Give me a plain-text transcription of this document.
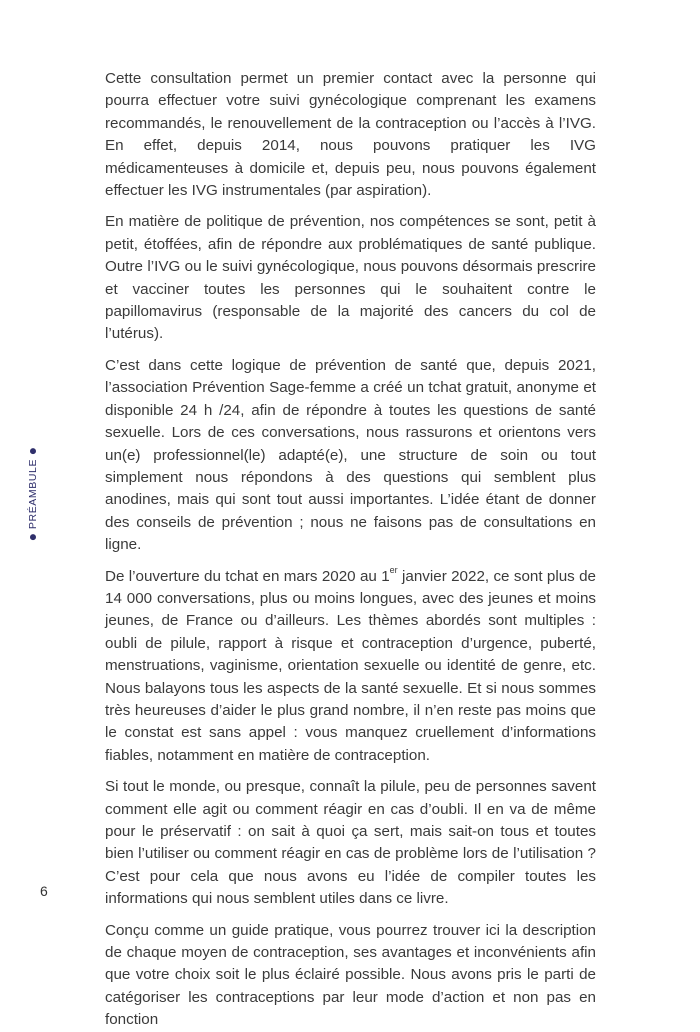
PRÉAMBULE

Cette consultation permet un premier contact avec la personne qui pourra effectuer votre suivi gynécologique comprenant les examens recommandés, le renouvellement de la contraception ou l’accès à l’IVG. En effet, depuis 2014, nous pouvons pratiquer les IVG médicamenteuses à domicile et, depuis peu, nous pouvons également effectuer les IVG instrumentales (par aspiration).

En matière de politique de prévention, nos compétences se sont, petit à petit, étoffées, afin de répondre aux problématiques de santé publique. Outre l’IVG ou le suivi gynécologique, nous pouvons désormais prescrire et vacciner toutes les personnes qui le souhaitent contre le papillomavirus (responsable de la majorité des cancers du col de l’utérus).

C’est dans cette logique de prévention de santé que, depuis 2021, l’association Prévention Sage-femme a créé un tchat gratuit, anonyme et disponible 24 h /24, afin de répondre à toutes les questions de santé sexuelle. Lors de ces conversations, nous rassurons et orientons vers un(e) professionnel(le) adapté(e), une structure de soin ou tout simplement nous répondons à des questions qui semblent plus anodines, mais qui sont tout aussi importantes. L’idée étant de donner des conseils de prévention ; nous ne faisons pas de consultations en ligne.

De l’ouverture du tchat en mars 2020 au 1er janvier 2022, ce sont plus de 14 000 conversations, plus ou moins longues, avec des jeunes et moins jeunes, de France ou d’ailleurs. Les thèmes abordés sont multiples : oubli de pilule, rapport à risque et contraception d’urgence, puberté, menstruations, vaginisme, orientation sexuelle ou identité de genre, etc. Nous balayons tous les aspects de la santé sexuelle. Et si nous sommes très heureuses d’aider le plus grand nombre, il n’en reste pas moins que le constat est sans appel : vous manquez cruellement d’informations fiables, notamment en matière de contraception.

Si tout le monde, ou presque, connaît la pilule, peu de personnes savent comment elle agit ou comment réagir en cas d’oubli. Il en va de même pour le préservatif : on sait à quoi ça sert, mais sait-on tous et toutes bien l’utiliser ou comment réagir en cas de problème lors de l’utilisation ? C’est pour cela que nous avons eu l’idée de compiler toutes les informations qui nous semblent utiles dans ce livre.

Conçu comme un guide pratique, vous pourrez trouver ici la description de chaque moyen de contraception, ses avantages et inconvénients afin que votre choix soit le plus éclairé possible. Nous avons pris le parti de catégoriser les contraceptions par leur mode d’action et non pas en fonction

6
